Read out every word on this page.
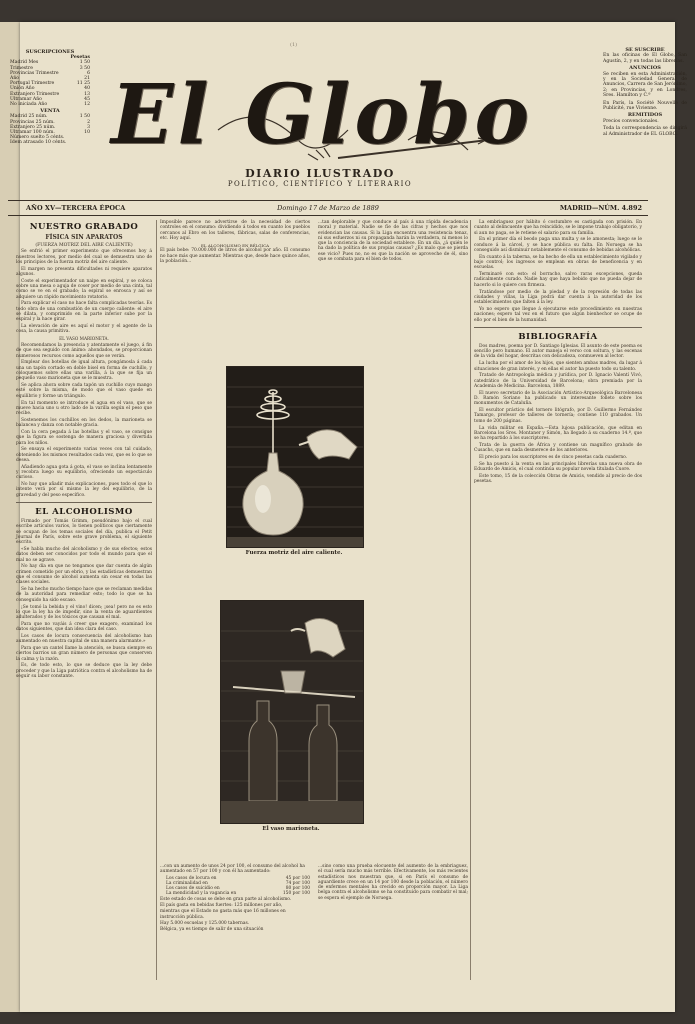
(1)
SUSCRIPCIONES
Pesetas
Madrid Mes	1 50
Trimestre	3 50
Provincias Trimestre	6
Año	21
Portugal Trimestre	11 25
Unión Año	40
Extranjero Trimestre	13
Ultramar Año	45
No iniciada Año	12
VENTA
Madrid 25 núm.	1 50
Provincias 25 núm.	2
Extranjero 25 núm.	3
Ultramar 100 núm.	10
Número suelto 5 cénts.
Idem atrasado 10 cénts.
SE SUSCRIBE

En las oficinas de El Globo, San Agustín, 2, y en todas las librerías.

ANUNCIOS

Se reciben en esta Administración, y en la Sociedad General de Anuncios, Carrera de San Jerónimo, 2; en Provincias, y en Londres, Sres. Hamilton y C.ª

En París, la Société Nouvelle de Publicité, rue Vivienne.

REMITIDOS

Precios convencionales.

Toda la correspondencia se dirigirá al Administrador de EL GLOBO.

El Globo
DIARIO ILUSTRADO
POLÍTICO, CIENTÍFICO Y LITERARIO
Domingo 17 de Marzo de 1889
AÑO XV—TERCERA ÉPOCA	MADRID—NÚM. 4.892

NUESTRO GRABADO

FÍSICA SIN APARATOS

(FUERZA MOTRIZ DEL AIRE CALIENTE)

Se enfrió el primer experimento que ofrecemos hoy á nuestros lectores, por medio del cual se demuestra uno de los principios de la fuerza motriz del aire caliente.

El margen no presenta dificultades ni requiere aparatos algunos.

Coste el experimentador un naipe en espiral, y se coloca sobre una mesa o aguja de coser por medio de una cinta, tal como se ve en el grabado; la espiral se enrosca y así se adquiere un rápido movimiento rotatorio.

Para explicar el caso no hace falta complicadas teorías. Es todo obra de una combustión de un cuerpo caliente: el aire se dilata, y comprimido en la parte inferior sube por la espiral y la hace girar.

La elevación de aire es aquí el motor y el agente de la cosa, la causa primitiva.

EL VASO MARIONETA.

Recomendamos la presencia y atentamente el juego, á fin de que sea seguido con ánimo: ahondados, se proporcionan numerosos recursos como aquellos que se verán.

Emplear dos botellas de igual altura, pongámosla á cada una un tapón cortado en doble bisel en forma de cuchillo, y coloquemos sobre ellas una varilla, á la que se fija un pequeño vaso marioneta que se le muestra.

Se aplica ahora sobre cada tapón un cuchillo cuyo mango esté sobre la misma, de modo que el vaso quede en equilibrio y forme un triángulo.

En tal momento se introduce el agua en el vaso, que se mueve hacia uno u otro lado de la varilla según el peso que recibe.

Sostenemos los cuchillos en los dedos, la marioneta se balancea y danza con notable gracia.

Con la cera pegada á las botellas y el vaso, se consigue que la figura se sostenga de manera graciosa y divertida para los niños.

Se ensaya el experimento varias veces con tal cuidado, obteniendo los mismos resultados cada vez, que es lo que se desea.

Añadiendo agua gota á gota, el vaso se inclina lentamente y recobra luego su equilibrio, ofreciendo un espectáculo curioso.

No hay que añadir más explicaciones, pues todo el que lo intente verá por sí mismo la ley del equilibrio, de la gravedad y del peso específico.

EL ALCOHOLISMO

Firmado por Tomás Grimm, pseudónimo bajo el cual escribe artículos varios, lo tienen políticos que ciertamente se ocupan de los temas sociales del día, publica el Petit Journal de París, sobre este grave problema, el siguiente escrito.

«Se habla mucho del alcoholismo y de sus efectos; estos datos deben ser conocidos por todo el mundo para que el mal no se agrave.

No hay día en que no tengamos que dar cuenta de algún crimen cometido por un ebrio, y las estadísticas demuestran que el consumo de alcohol aumenta sin cesar en todas las clases sociales.

Se ha hecho mucho tiempo hace que se reclaman medidas de la autoridad para remediar esto; todo lo que se ha conseguido ha sido escaso.

¡Se tomó la bebida y el vino! dicen; ¡sea! pero no es esto lo que la ley ha de impedir, sino la venta de aguardientes adulterados y de los tóxicos que causan el mal.

Para que no vayáis á creer que exagero, examinad los datos siguientes, que dan idea clara del caso.

Los casos de locura consecuencia del alcoholismo han aumentado en nuestra capital de una manera alarmante.»

Para que un cantel llame la atención, se busca siempre en ciertos barrios un gran número de personas que conserven la calma y la razón.

Es, de todo esto, lo que se deduce que la ley debe proceder y que la Liga patriótica contra el alcoholismo ha de seguir su labor constante.

Imposible parece no advertirse de la necesidad de ciertos controles en el consumo: dividiendo á todos en cuanto los pueblos cercanos al Ebro en los talleres, fábricas, salas de conferencias, etc. Hoy aquí.

EL ALCOHOLISMO EN BÉLGICA

El país bebe: 70.000.000 de litros de alcohol por año. El consumo no hace más que aumentar. Mientras que, desde hace quince años, la población...

...tan deplorable y que conduce al país á una rápida decadencia moral y material. Nadie se fíe de las cifras y hechos que nos evidencian las causas. Si la Liga encuentra una resistencia tenaz, ni sus esfuerzos ni su propaganda harán la verdadera, ni menos lo que la conciencia de la sociedad establece. En un día, ¿á quién le ha dado la política de sus propias causas? ¿Es malo que se pierda ese vicio? Pues no, no es que la nación se aproveche de él, sino que se combata para el bien de todos.

Fuerza motriz del aire caliente.
El vaso marioneta.

...con un aumento de unos 24 por 100, el consumo del alcohol ha aumentado en 57 por 100 y con él ha aumentado:

Los casos de locura en	45 por 100
La criminalidad en	74 por 100
Los casos de suicidio en	80 por 100
La mendicidad y la vagancia en	150 por 100

Este estado de cosas se debe en gran parte al alcoholismo.

El país gasta en bebidas fuertes: 125 millones por año,

mientras que el Estado no gasta más que 16 millones en instrucción pública.

Hay 5.000 escuelas y 125.000 tabernas.

Bélgica, ya es tiempo de salir de una situación

...sino como una prueba elocuente del aumento de la embriaguez, el cual sería mucho más terrible. Efectivamente, los más recientes estadísticos nos muestran que, si en París el consumo de aguardiente crece en un 14 por 100 desde la población, el número de enfermos mentales ha crecido en proporción mayor. La Liga belga contra el alcoholismo se ha constituido para combatir el mal; se espera el ejemplo de Noruega.

La embriaguez por hábito ó costumbre es castigada con prisión. En cuanto al delincuente que ha reincidido, se le impone trabajo obligatorio, y si aun no paga, se le retiene el salario para su familia.

En el primer día el beodo paga una multa y se le amonesta; luego se le conduce á la cárcel, y se hace pública su falta. En Noruega se ha conseguido así disminuir notablemente el consumo de bebidas alcohólicas.

En cuanto á la taberna, se ha hecho de ella un establecimiento vigilado y bajo control; los ingresos se emplean en obras de beneficencia y en escuelas.

Terminaré con esto: el borracho, salvo raras excepciones, queda radicalmente curado. Nadie hay que haya bebido que no pueda dejar de hacerlo si lo quiere con firmeza.

Tratándose por medio de la piedad y de la represión de todas las ciudades y villas, la Liga podrá dar cuenta á la autoridad de los establecimientos que falten á la ley.

Yo no espero que llegue á ejecutarse este procedimiento en nuestras naciones; espero tal vez en el futuro que algún bienhechor se ocupe de ello por el bien de la humanidad.

BIBLIOGRAFÍA

Dos madres, poema por D. Santiago Iglesias. El asunto de este poema es sencillo pero humano. El autor maneja el verso con soltura, y las escenas de la vida del hogar, descritas con delicadeza, conmueven al lector.

La lucha por el amor de los hijos, que sienten ambas madres, da lugar á situaciones de gran interés, y en ellas el autor ha puesto todo su talento.

Tratado de Antropología médica y jurídica, por D. Ignacio Valentí Vivó, catedrático de la Universidad de Barcelona; obra premiada por la Academia de Medicina. Barcelona, 1889.

El nuevo secretario de la Asociación Artístico-Arqueológica Barcelonesa D. Ramón Soriano ha publicado un interesante folleto sobre los monumentos de Cataluña.

El escultor práctico del tornero litógrafo, por D. Guillermo Fernández Tamargo, profesor de talleres de tornería; contiene 110 grabados. Un tomo de 200 páginas.

La vida militar en España.—Esta lujosa publicación, que editan en Barcelona los Sres. Montaner y Simón, ha llegado á su cuaderno 14.º, que se ha repartido á los suscriptores.

Trata de la guerra de África y contiene un magnífico grabado de Cusachs, que en nada desmerece de los anteriores.

El precio para los suscriptores es de cinco pesetas cada cuaderno.

Se ha puesto á la venta en las principales librerías una nueva obra de Eduardo de Amicis, el cual continúa su popular novela titulada Cuore.

Este tomo, 15 de la colección Obras de Amicis, vendido al precio de dos pesetas.
